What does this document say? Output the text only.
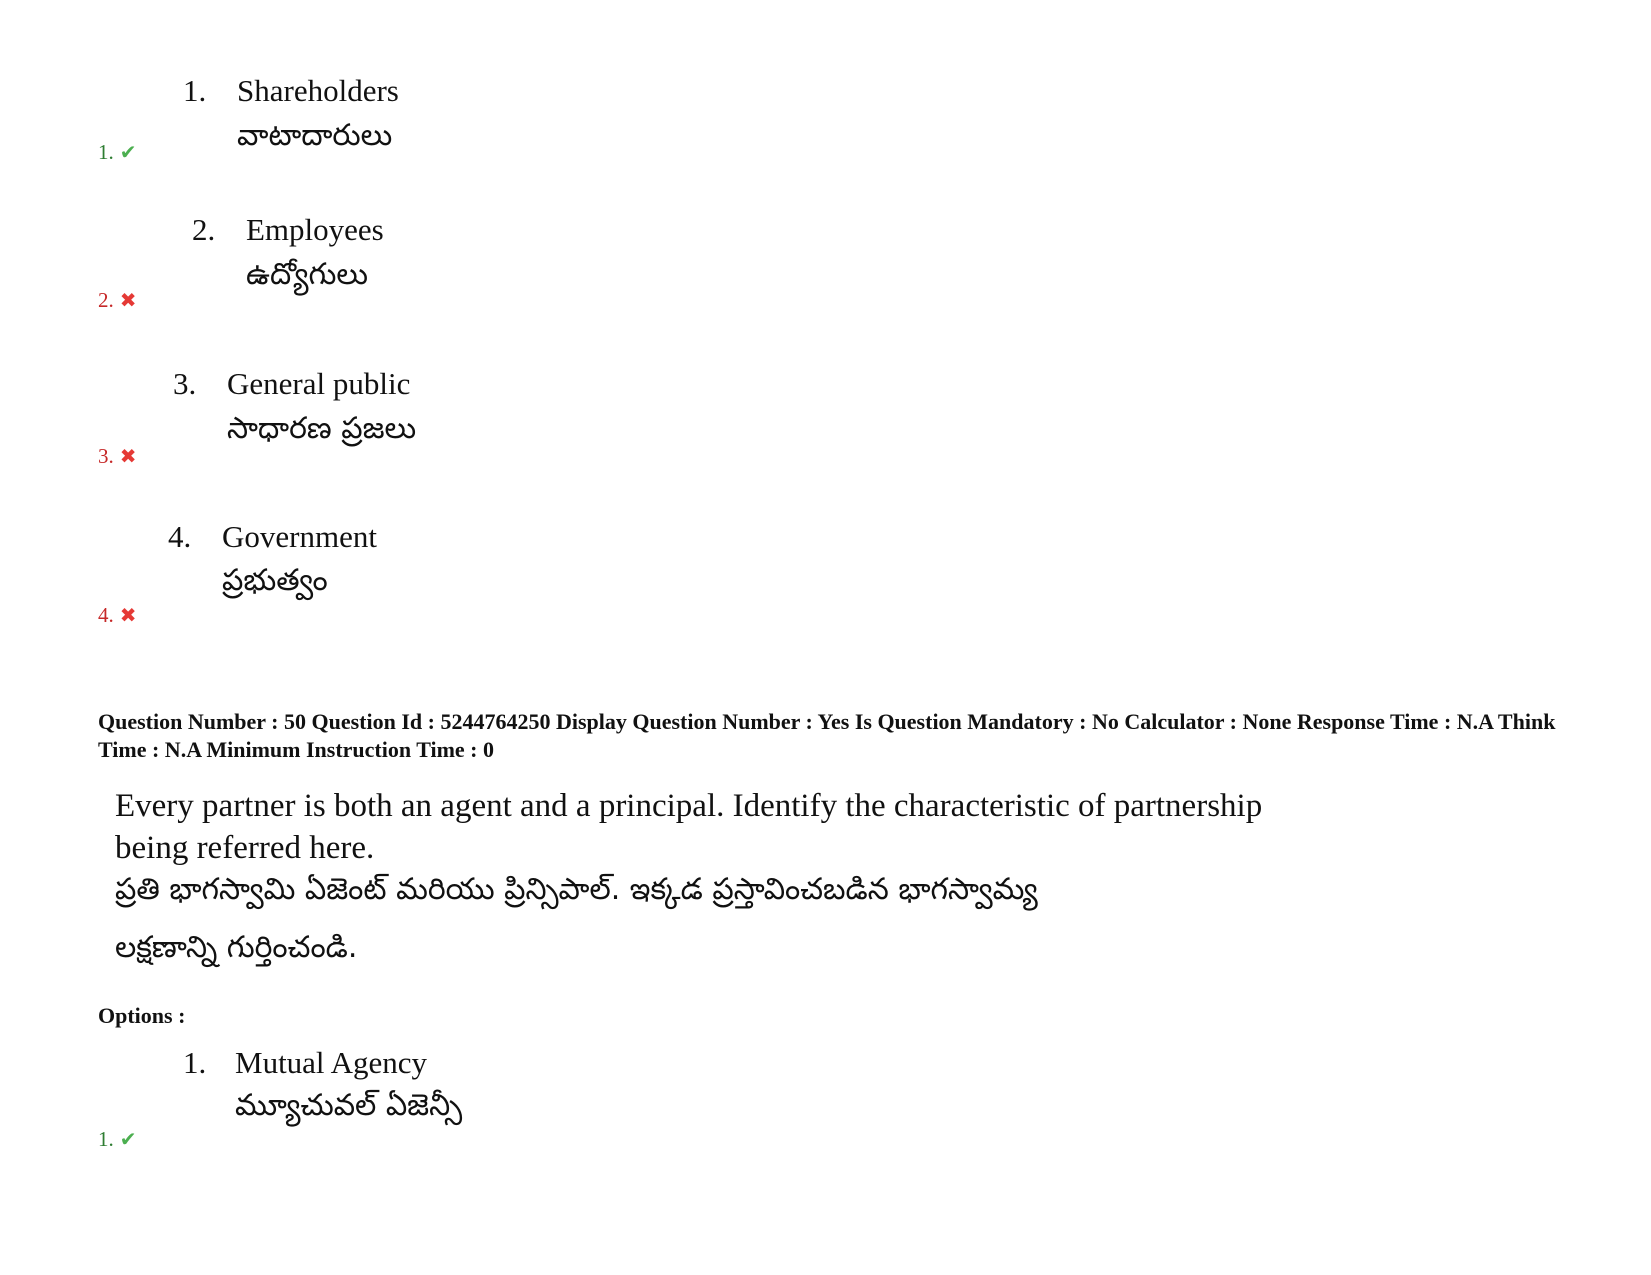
1. Shareholders
వాటాదారులు
1. ✔
2. Employees
ఉద్యోగులు
2. ✖
3. General public
సాధారణ ప్రజలు
3. ✖
4. Government
ప్రభుత్వం
4. ✖
Question Number : 50 Question Id : 5244764250 Display Question Number : Yes Is Question Mandatory : No Calculator : None Response Time : N.A Think Time : N.A Minimum Instruction Time : 0
Every partner is both an agent and a principal. Identify the characteristic of partnership
being referred here.
ప్రతి భాగస్వామి ఏజెంట్ మరియు ప్రిన్సిపాల్. ఇక్కడ ప్రస్తావించబడిన భాగస్వామ్య
లక్షణాన్ని గుర్తించండి.
Options :
1. Mutual Agency
మ్యూచువల్ ఏజెన్సీ
1. ✔
